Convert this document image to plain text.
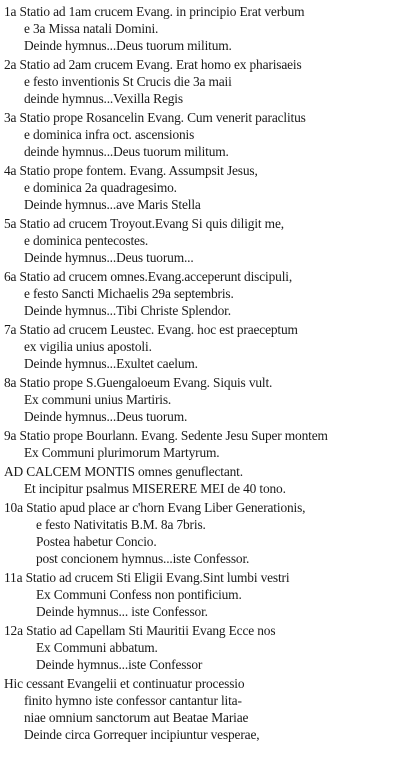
1a Statio ad 1am crucem Evang. in principio Erat verbum
e 3a Missa natali Domini.
Deinde hymnus...Deus tuorum militum.
2a Statio ad 2am crucem Evang. Erat homo ex pharisaeis
e festo inventionis St Crucis die 3a maii
deinde hymnus...Vexilla Regis
3a Statio prope Rosancelin Evang. Cum venerit paraclitus
e dominica infra oct. ascensionis
deinde hymnus...Deus tuorum militum.
4a Statio prope fontem. Evang. Assumpsit Jesus,
e dominica 2a quadragesimo.
Deinde hymnus...ave Maris Stella
5a Statio ad crucem Troyout.Evang Si quis diligit me,
e dominica pentecostes.
Deinde hymnus...Deus tuorum...
6a Statio ad crucem omnes.Evang.acceperunt discipuli,
e festo Sancti Michaelis 29a septembris.
Deinde hymnus...Tibi Christe Splendor.
7a Statio ad crucem Leustec. Evang. hoc est praeceptum
ex vigilia unius apostoli.
Deinde hymnus...Exultet caelum.
8a Statio prope S.Guengaloeum Evang. Siquis vult.
Ex communi unius Martiris.
Deinde hymnus...Deus tuorum.
9a Statio prope Bourlann. Evang. Sedente Jesu Super montem
Ex Communi plurimorum Martyrum.
AD CALCEM MONTIS omnes genuflectant.
Et incipitur psalmus MISERERE MEI de 40 tono.
10a Statio apud place ar c'horn Evang Liber Generationis,
e festo Nativitatis B.M. 8a 7bris.
Postea habetur Concio.
post concionem hymnus...iste Confessor.
11a Statio ad crucem Sti Eligii Evang.Sint lumbi vestri
Ex Communi Confess non pontificium.
Deinde hymnus... iste Confessor.
12a Statio ad Capellam Sti Mauritii Evang Ecce nos
Ex Communi abbatum.
Deinde hymnus...iste Confessor
Hic cessant Evangelii et continuatur processio
finito hymno iste confessor cantantur lita-
niae omnium sanctorum aut Beatae Mariae
Deinde circa Gorrequer incipiuntur vesperae,
